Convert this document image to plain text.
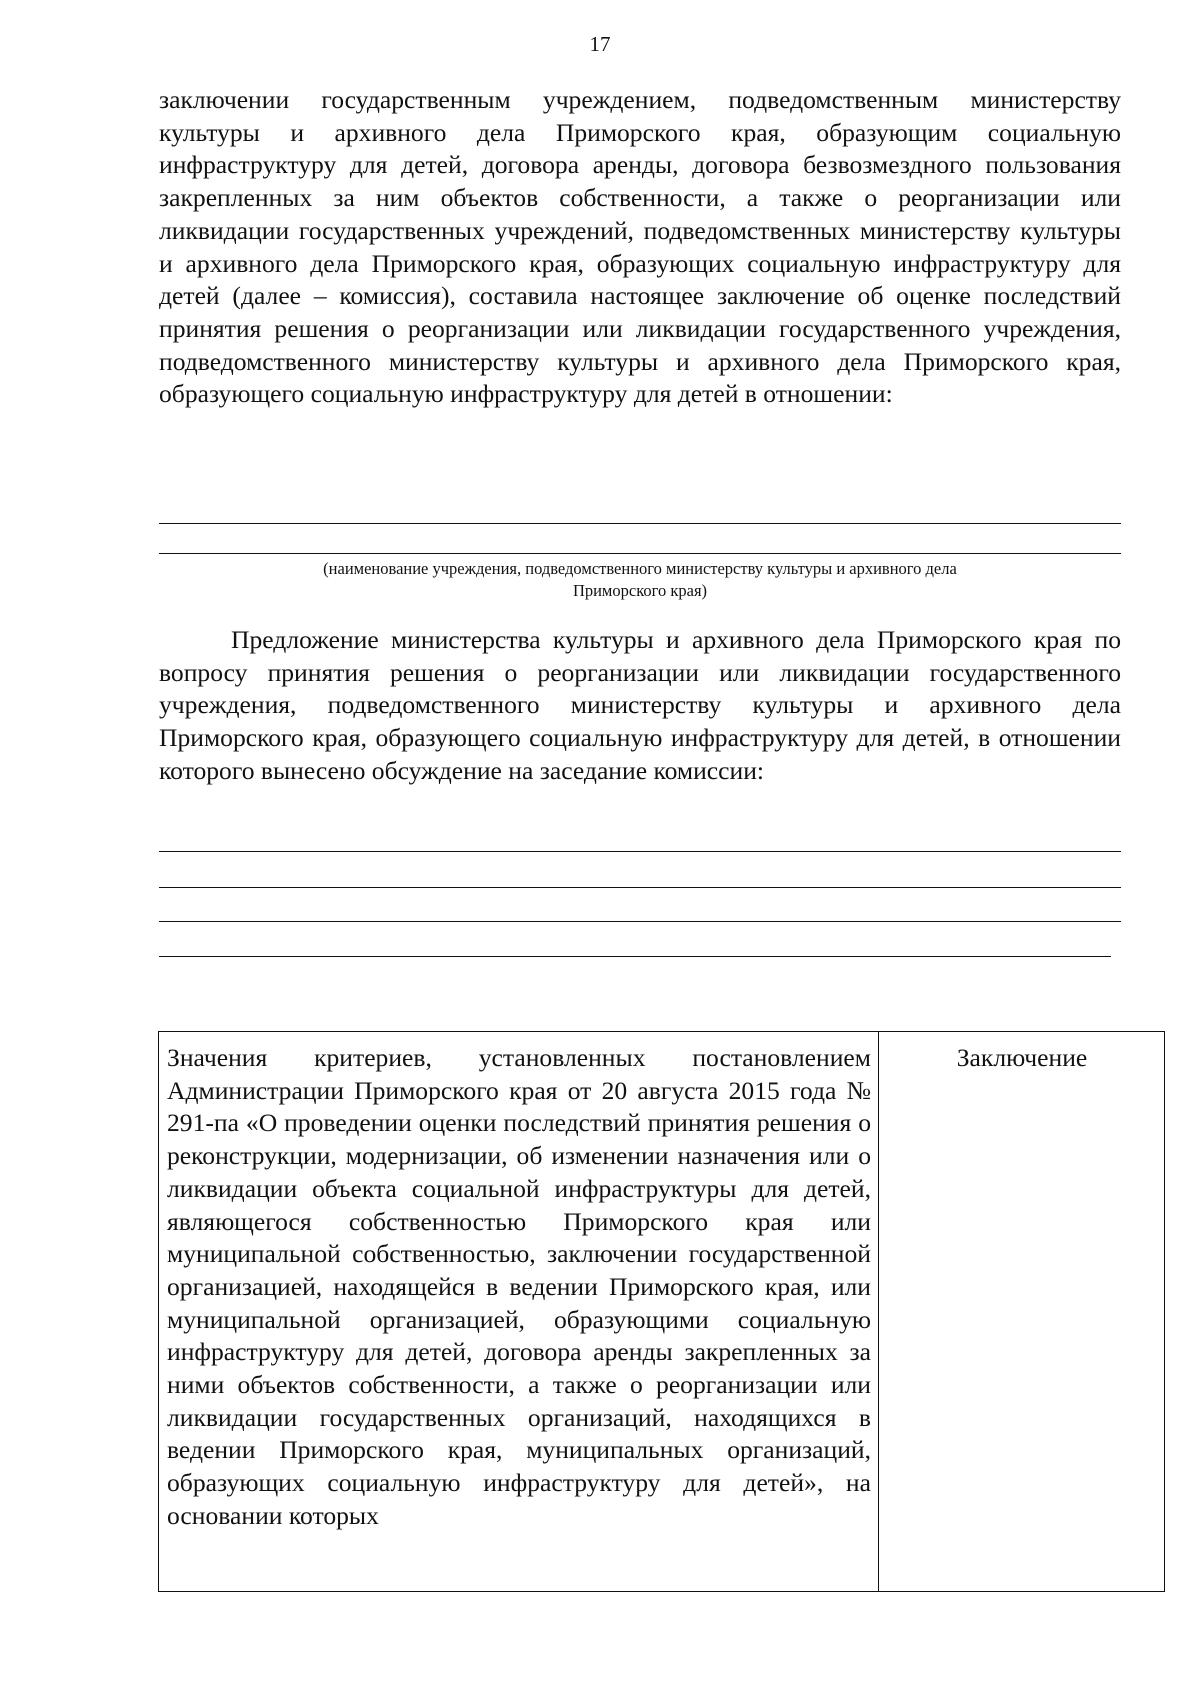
17

заключении государственным учреждением, подведомственным министерству культуры и архивного дела Приморского края, образующим социальную инфраструктуру для детей, договора аренды, договора безвозмездного пользования закрепленных за ним объектов собственности, а также о реорганизации или ликвидации государственных учреждений, подведомственных министерству культуры и архивного дела Приморского края, образующих социальную инфраструктуру для детей (далее – комиссия), составила настоящее заключение об оценке последствий принятия решения о реорганизации или ликвидации государственного учреждения, подведомственного министерству культуры и архивного дела Приморского края, образующего социальную инфраструктуру для детей в отношении:

(наименование учреждения, подведомственного министерству культуры и архивного дела
Приморского края)

Предложение министерства культуры и архивного дела Приморского края по вопросу принятия решения о реорганизации или ликвидации государственного учреждения, подведомственного министерству культуры и архивного дела Приморского края, образующего социальную инфраструктуру для детей, в отношении которого вынесено обсуждение на заседание комиссии:

Значения критериев, установленных постановлением Администрации Приморского края от 20 августа 2015 года № 291-па «О проведении оценки последствий принятия решения о реконструкции, модернизации, об изменении назначения или о ликвидации объекта социальной инфраструктуры для детей, являющегося собственностью Приморского края или муниципальной собственностью, заключении государственной организацией, находящейся в ведении Приморского края, или муниципальной организацией, образующими социальную инфраструктуру для детей, договора аренды закрепленных за ними объектов собственности, а также о реорганизации или ликвидации государственных организаций, находящихся в ведении Приморского края, муниципальных организаций, образующих социальную инфраструктуру для детей», на основании которых	Заключение
